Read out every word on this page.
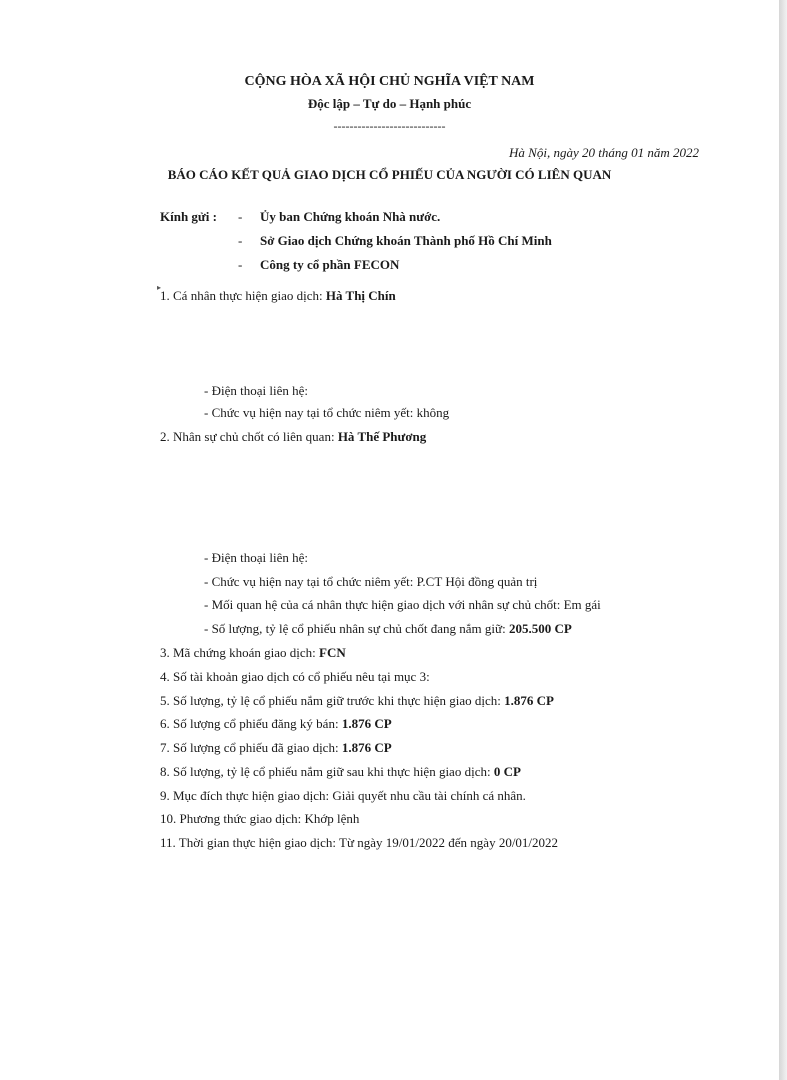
CỘNG HÒA XÃ HỘI CHỦ NGHĨA VIỆT NAM
Độc lập – Tự do – Hạnh phúc
----------------------------
Hà Nội, ngày 20 tháng 01 năm 2022
BÁO CÁO KẾT QUẢ GIAO DỊCH CỔ PHIẾU CỦA NGƯỜI CÓ LIÊN QUAN
Kính gửi : - Ủy ban Chứng khoán Nhà nước.
- Sở Giao dịch Chứng khoán Thành phố Hồ Chí Minh
- Công ty cổ phần FECON
▸
1. Cá nhân thực hiện giao dịch: Hà Thị Chín
- Điện thoại liên hệ:
- Chức vụ hiện nay tại tổ chức niêm yết: không
2. Nhân sự chủ chốt có liên quan: Hà Thế Phương
- Điện thoại liên hệ:
- Chức vụ hiện nay tại tổ chức niêm yết: P.CT Hội đồng quản trị
- Mối quan hệ của cá nhân thực hiện giao dịch với nhân sự chủ chốt: Em gái
- Số lượng, tỷ lệ cổ phiếu nhân sự chủ chốt đang nắm giữ: 205.500 CP
3. Mã chứng khoán giao dịch: FCN
4. Số tài khoản giao dịch có cổ phiếu nêu tại mục 3:
5. Số lượng, tỷ lệ cổ phiếu nắm giữ trước khi thực hiện giao dịch: 1.876 CP
6. Số lượng cổ phiếu đăng ký bán: 1.876 CP
7. Số lượng cổ phiếu đã giao dịch: 1.876 CP
8. Số lượng, tỷ lệ cổ phiếu nắm giữ sau khi thực hiện giao dịch: 0 CP
9. Mục đích thực hiện giao dịch: Giải quyết nhu cầu tài chính cá nhân.
10. Phương thức giao dịch: Khớp lệnh
11. Thời gian thực hiện giao dịch: Từ ngày 19/01/2022 đến ngày 20/01/2022
